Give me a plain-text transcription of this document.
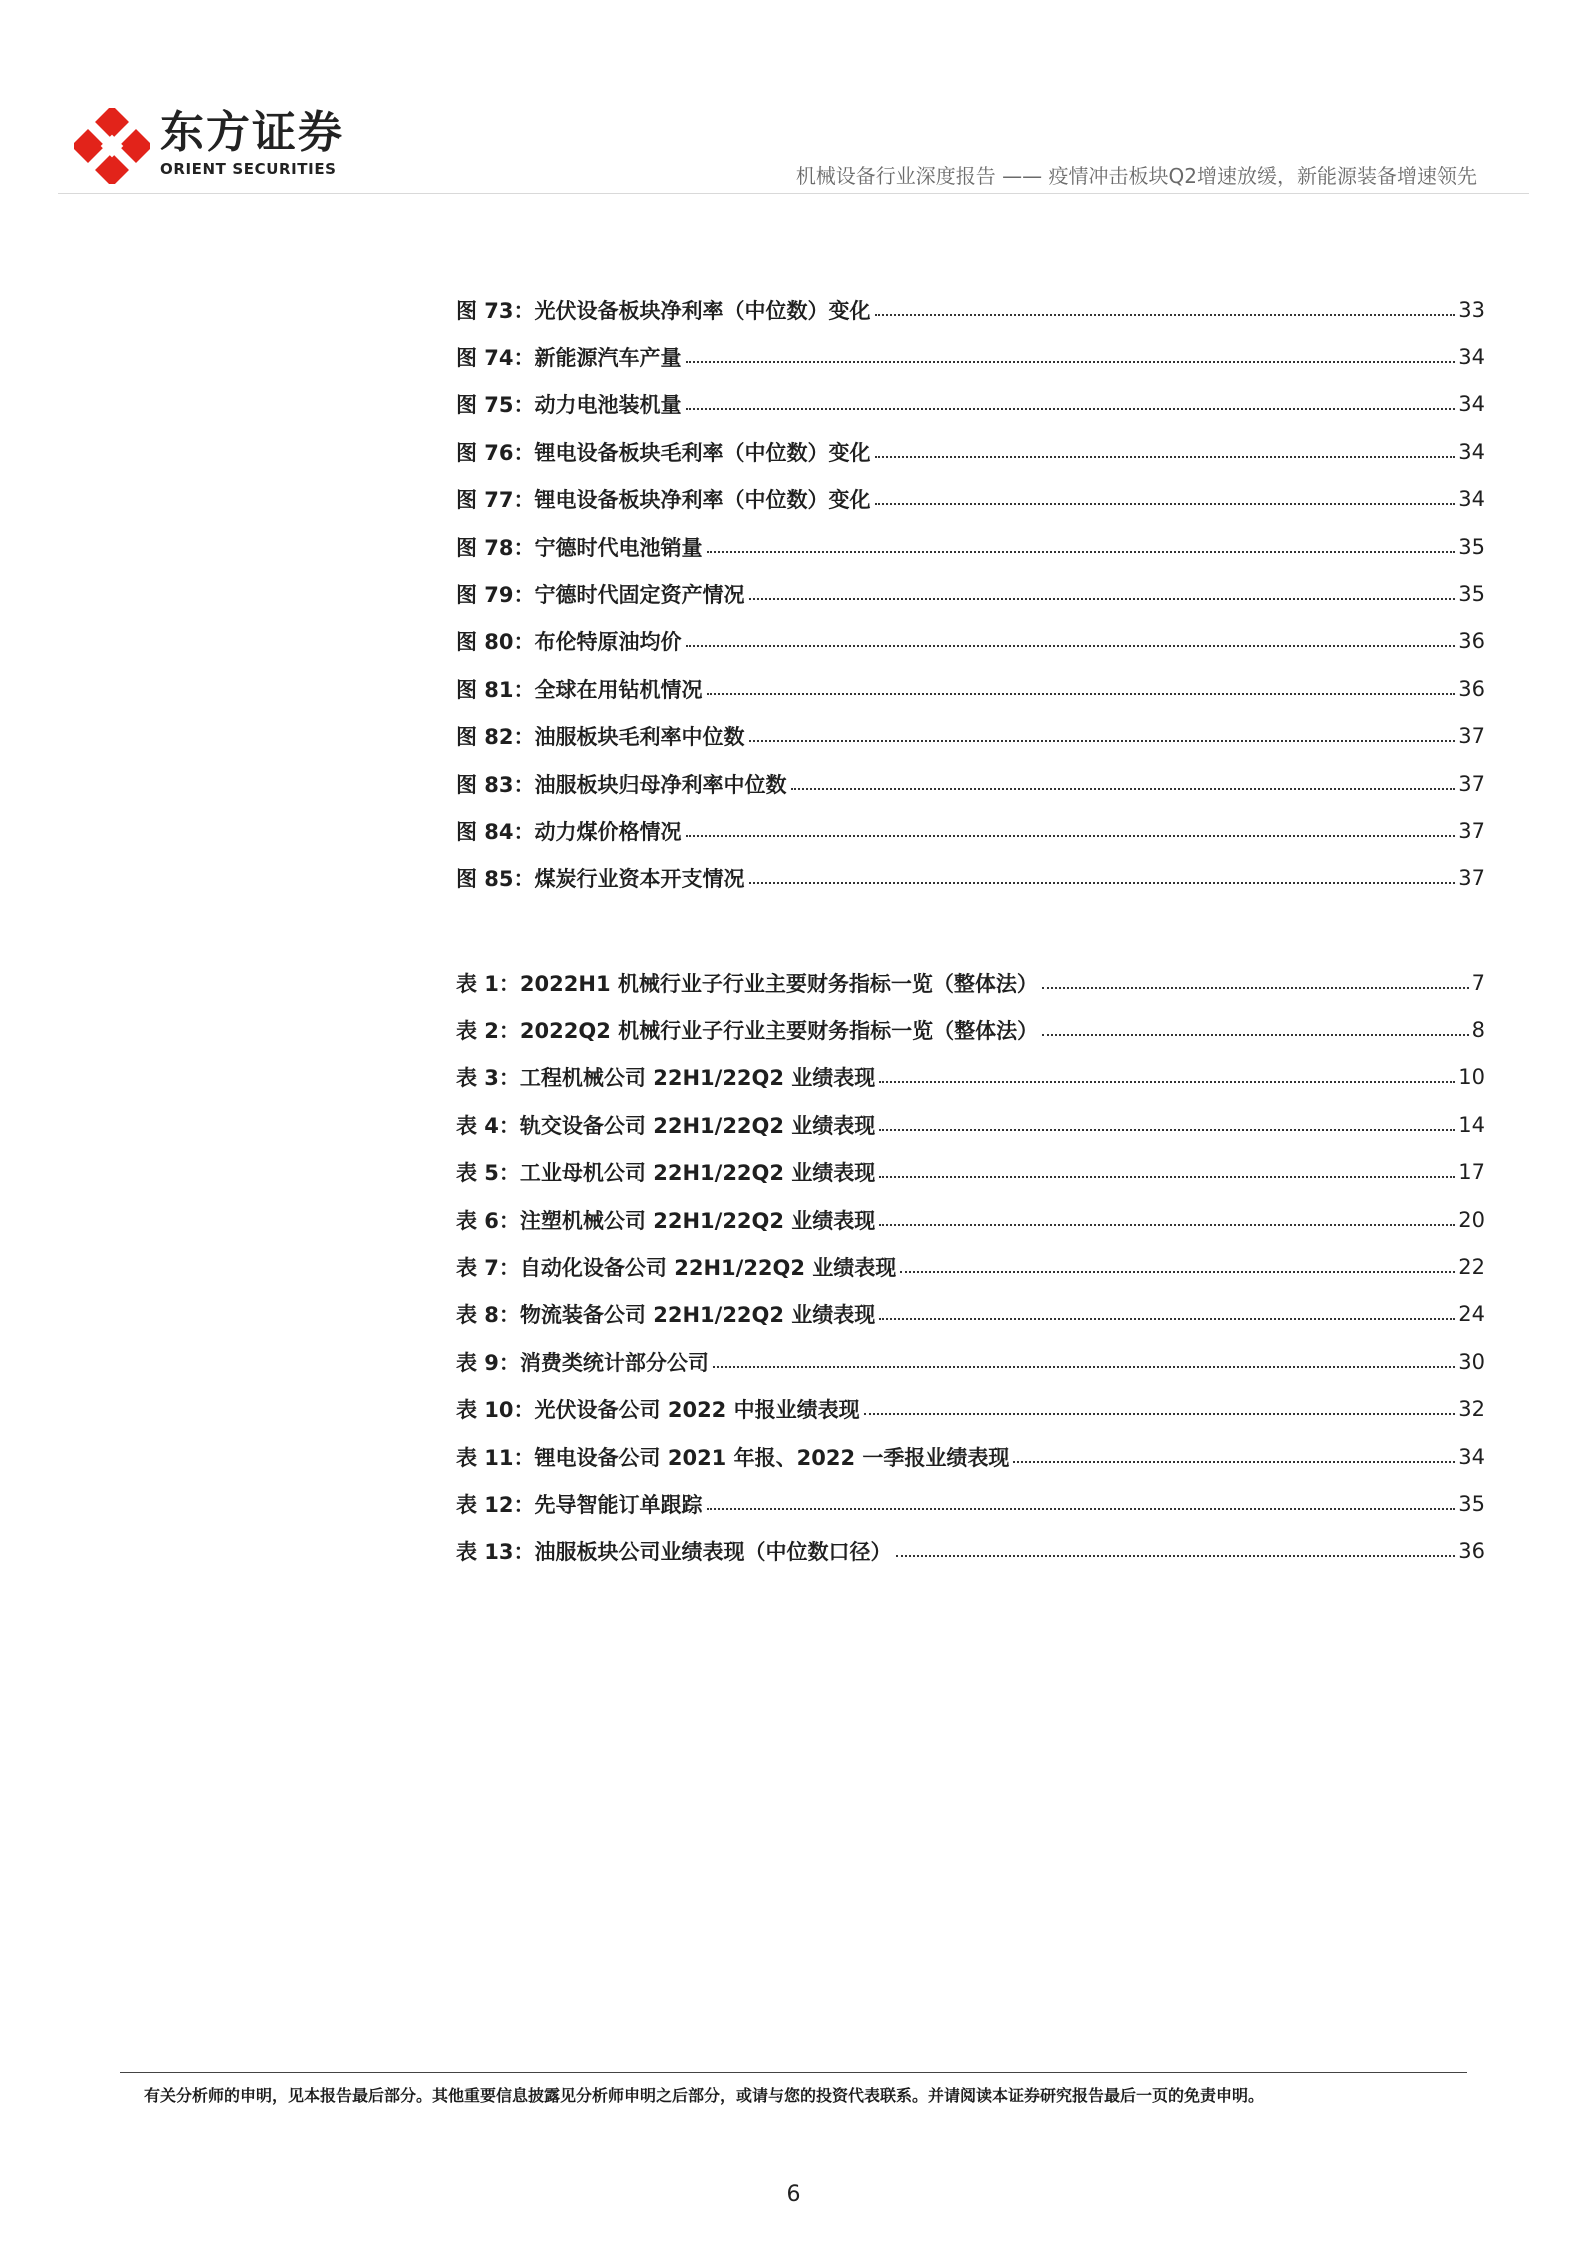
东方证券
ORIENT SECURITIES	机械设备行业深度报告 —— 疫情冲击板块Q2增速放缓，新能源装备增速领先
图 73：光伏设备板块净利率（中位数）变化	33
图 74：新能源汽车产量	34
图 75：动力电池装机量	34
图 76：锂电设备板块毛利率（中位数）变化	34
图 77：锂电设备板块净利率（中位数）变化	34
图 78：宁德时代电池销量	35
图 79：宁德时代固定资产情况	35
图 80：布伦特原油均价	36
图 81：全球在用钻机情况	36
图 82：油服板块毛利率中位数	37
图 83：油服板块归母净利率中位数	37
图 84：动力煤价格情况	37
图 85：煤炭行业资本开支情况	37
表 1：2022H1 机械行业子行业主要财务指标一览（整体法）	7
表 2：2022Q2 机械行业子行业主要财务指标一览（整体法）	8
表 3：工程机械公司 22H1/22Q2 业绩表现	10
表 4：轨交设备公司 22H1/22Q2 业绩表现	14
表 5：工业母机公司 22H1/22Q2 业绩表现	17
表 6：注塑机械公司 22H1/22Q2 业绩表现	20
表 7：自动化设备公司 22H1/22Q2 业绩表现	22
表 8：物流装备公司 22H1/22Q2 业绩表现	24
表 9：消费类统计部分公司	30
表 10：光伏设备公司 2022 中报业绩表现	32
表 11：锂电设备公司 2021 年报、2022 一季报业绩表现	34
表 12：先导智能订单跟踪	35
表 13：油服板块公司业绩表现（中位数口径）	36
有关分析师的申明，见本报告最后部分。其他重要信息披露见分析师申明之后部分，或请与您的投资代表联系。并请阅读本证券研究报告最后一页的免责申明。
6
